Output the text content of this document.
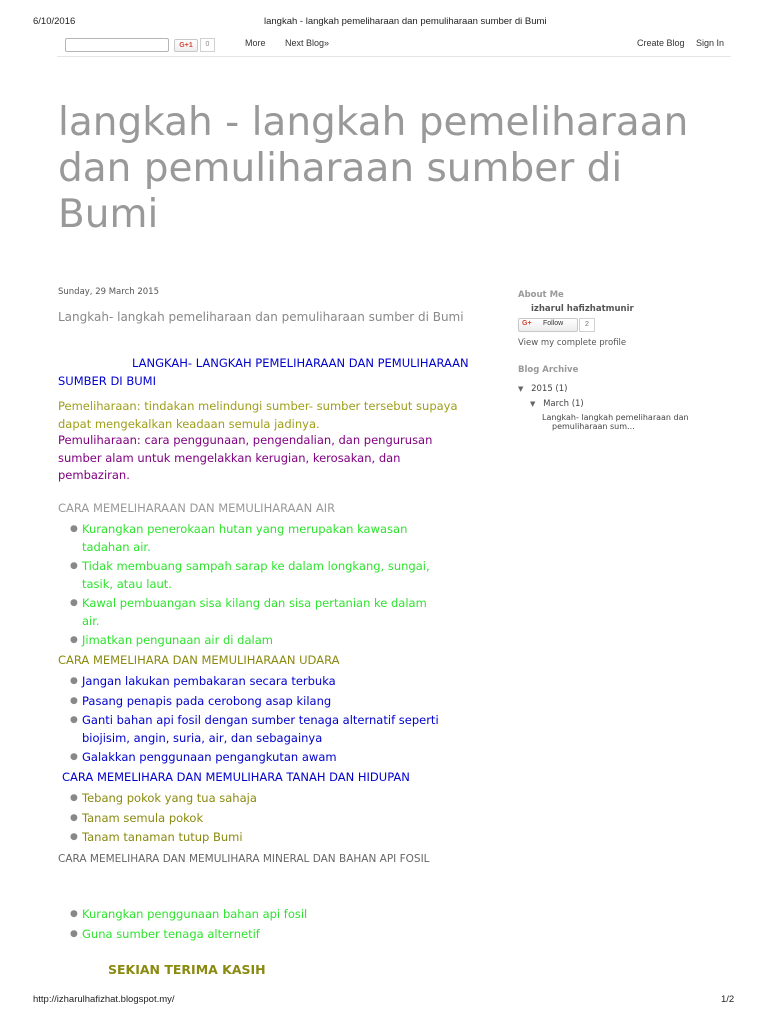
6/10/2016	langkah - langkah pemeliharaan dan pemuliharaan sumber di Bumi
http://izharulhafizhat.blogspot.my/	1/2
G+1	0	More Next Blog»	Create Blog Sign In
langkah - langkah pemeliharaan dan pemuliharaan sumber di Bumi
Sunday, 29 March 2015
Langkah- langkah pemeliharaan dan pemuliharaan sumber di Bumi
LANGKAH- LANGKAH PEMELIHARAAN DAN PEMULIHARAAN SUMBER DI BUMI
Pemeliharaan: tindakan melindungi sumber- sumber tersebut supaya dapat mengekalkan keadaan semula jadinya.
Pemuliharaan: cara penggunaan, pengendalian, dan pengurusan sumber alam untuk mengelakkan kerugian, kerosakan, dan pembaziran.
CARA MEMELIHARAAN DAN MEMULIHARAAN AIR
● Kurangkan penerokaan hutan yang merupakan kawasan tadahan air.
● Tidak membuang sampah sarap ke dalam longkang, sungai, tasik, atau laut.
● Kawal pembuangan sisa kilang dan sisa pertanian ke dalam air.
● Jimatkan pengunaan air di dalam
CARA MEMELIHARA DAN MEMULIHARAAN UDARA
● Jangan lakukan pembakaran secara terbuka
● Pasang penapis pada cerobong asap kilang
● Ganti bahan api fosil dengan sumber tenaga alternatif seperti biojisim, angin, suria, air, dan sebagainya
● Galakkan penggunaan pengangkutan awam
CARA MEMELIHARA DAN MEMULIHARA TANAH DAN HIDUPAN
● Tebang pokok yang tua sahaja
● Tanam semula pokok
● Tanam tanaman tutup Bumi
CARA MEMELIHARA DAN MEMULIHARA MINERAL DAN BAHAN API FOSIL
● Kurangkan penggunaan bahan api fosil
● Guna sumber tenaga alternetif
SEKIAN TERIMA KASIH
About Me
izharul hafizhatmunir
G+ Follow	2
View my complete profile
Blog Archive
▼ 2015 (1)
▼ March (1)
Langkah- langkah pemeliharaan dan
pemuliharaan sum...
